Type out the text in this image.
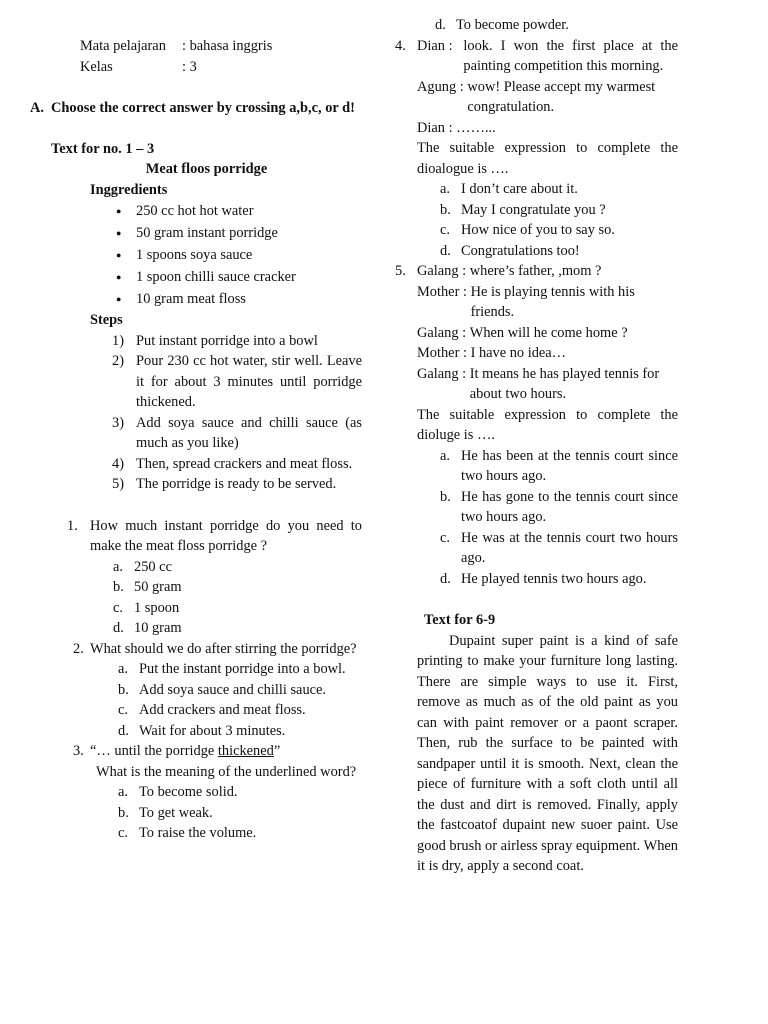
Mata pelajaran	: bahasa inggris
Kelas	: 3
A. Choose the correct answer by crossing a,b,c, or d!
Text for no. 1 – 3
Meat floos porridge
Inggredients
● 250 cc hot hot water
● 50 gram instant porridge
● 1 spoons soya sauce
● 1 spoon chilli sauce cracker
● 10 gram meat floss
Steps
1) Put instant porridge into a bowl
2) Pour 230 cc hot water, stir well. Leave it for about 3 minutes until porridge thickened.
3) Add soya sauce and chilli sauce (as much as you like)
4) Then, spread crackers and meat floss.
5) The porridge is ready to be served.
1. How much instant porridge do you need to make the meat floss porridge ?
a. 250 cc
b. 50 gram
c. 1 spoon
d. 10 gram
2. What should we do after stirring the porridge?
a. Put the instant porridge into a bowl.
b. Add soya sauce and chilli sauce.
c. Add crackers and meat floss.
d. Wait for about 3 minutes.
3. “… until the porridge thickened”
What is the meaning of the underlined word?
a. To become solid.
b. To get weak.
c. To raise the volume.
d. To become powder.
4. Dian : look. I won the first place at the painting competition this morning.
Agung : wow! Please accept my warmest congratulation.
Dian : ……...
The suitable expression to complete the dioalogue is ….
a. I don’t care about it.
b. May I congratulate you ?
c. How nice of you to say so.
d. Congratulations too!
5. Galang : where’s father, ,mom ?
Mother : He is playing tennis with his friends.
Galang : When will he come home ?
Mother : I have no idea…
Galang : It means he has played tennis for about two hours.
The suitable expression to complete the dioluge is ….
a. He has been at the tennis court since two hours ago.
b. He has gone to the tennis court since two hours ago.
c. He was at the tennis court two hours ago.
d. He played tennis two hours ago.
Text for 6-9
Dupaint super paint is a kind of safe printing to make your furniture long lasting. There are simple ways to use it. First, remove as much as of the old paint as you can with paint remover or a paont scraper. Then, rub the surface to be painted with sandpaper until it is smooth. Next, clean the piece of furniture with a soft cloth until all the dust and dirt is removed. Finally, apply the fastcoatof dupaint new suoer paint. Use good brush or airless spray equipment. When it is dry, apply a second coat.
